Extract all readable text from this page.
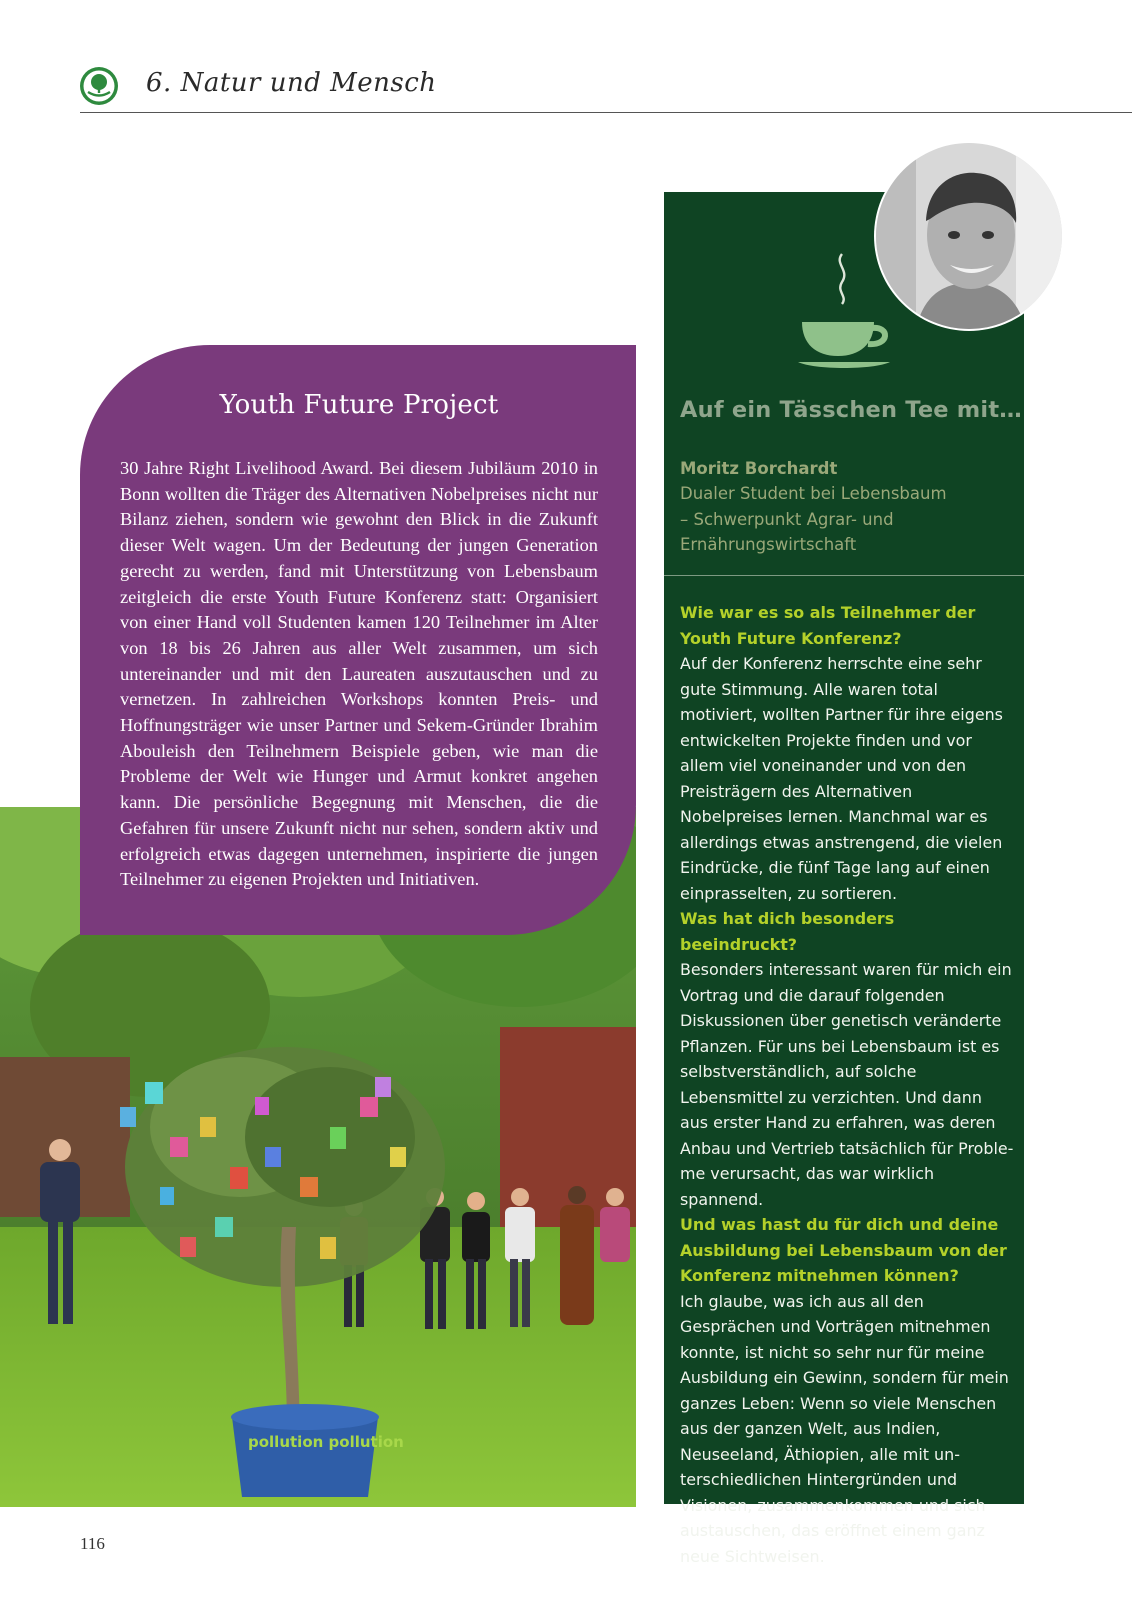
6. Natur und Mensch
pollution pollution
Youth Future Project

30 Jahre Right Livelihood Award. Bei diesem Jubiläum 2010 in Bonn wollten die Träger des Alternativen Nobelpreises nicht nur Bilanz ziehen, sondern wie gewohnt den Blick in die Zukunft dieser Welt wagen. Um der Bedeutung der jungen Generation gerecht zu werden, fand mit Unterstützung von Lebensbaum zeitgleich die erste Youth Future Konferenz statt: Organisiert von einer Hand voll Studenten kamen 120 Teilnehmer im Alter von 18 bis 26 Jahren aus aller Welt zusammen, um sich untereinander und mit den Laureaten auszutauschen und zu vernetzen. In zahlreichen Workshops konnten Preis- und Hoffnungsträger wie unser Partner und Sekem-Gründer Ibrahim Abouleish den Teilnehmern Beispiele geben, wie man die Probleme der Welt wie Hunger und Armut konkret angehen kann. Die persönliche Begegnung mit Menschen, die die Gefahren für unsere Zukunft nicht nur sehen, sondern aktiv und erfolgreich etwas dagegen unternehmen, inspirierte die jungen Teilnehmer zu eigenen Projekten und Initiativen.

Auf ein Tässchen Tee mit…
Moritz Borchardt
Dualer Student bei Lebensbaum – Schwerpunkt Agrar- und Ernährungswirtschaft

Wie war es so als Teilnehmer der Youth Future Konferenz?

Auf der Konferenz herrschte eine sehr gute Stimmung. Alle waren total motiviert, wollten Partner für ihre eigens entwickelten Projekte finden und vor allem viel voneinander und von den Preisträgern des Alternativen Nobelpreises lernen. Manchmal war es allerdings etwas anstrengend, die vielen Eindrücke, die fünf Tage lang auf einen einprasselten, zu sortieren.

Was hat dich besonders beeindruckt?

Besonders interessant waren für mich ein Vortrag und die darauf folgenden Diskussionen über genetisch veränderte Pflanzen. Für uns bei Lebensbaum ist es selbstverständlich, auf solche Lebensmittel zu verzichten. Und dann aus erster Hand zu erfahren, was deren Anbau und Vertrieb tatsächlich für Probleme verursacht, das war wirklich spannend.

Und was hast du für dich und deine Ausbildung bei Lebensbaum von der Konferenz mitnehmen können?

Ich glaube, was ich aus all den Gesprächen und Vorträgen mitnehmen konnte, ist nicht so sehr nur für meine Ausbildung ein Gewinn, sondern für mein ganzes Leben: Wenn so viele Menschen aus der ganzen Welt, aus Indien, Neuseeland, Äthiopien, alle mit unterschiedlichen Hintergründen und Visionen, zusammenkommen und sich austauschen, das eröffnet einem ganz neue Sichtweisen.

116
